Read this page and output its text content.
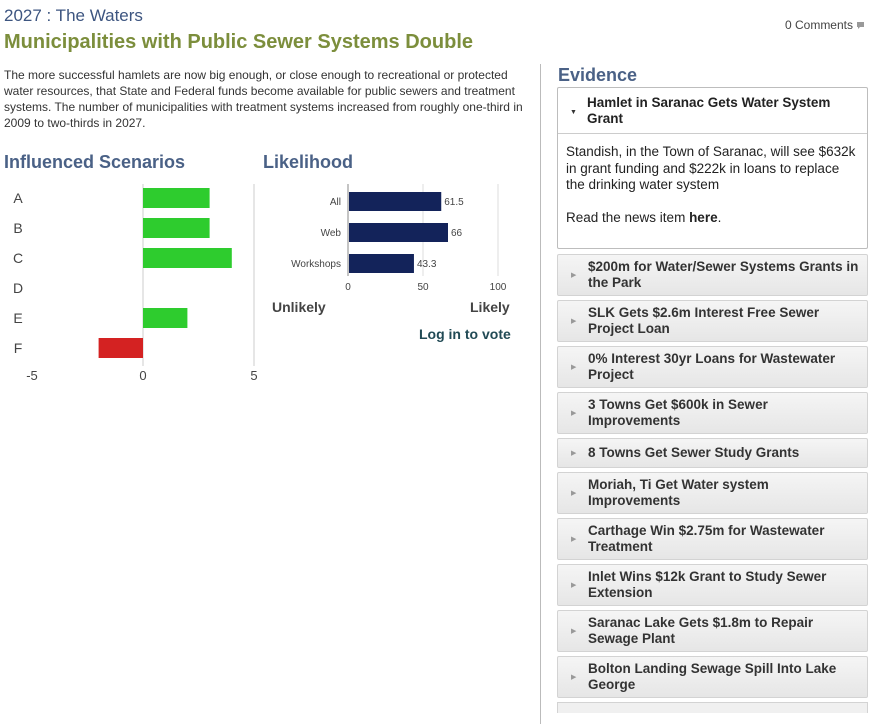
2027 : The Waters
Municipalities with Public Sewer Systems Double
0 Comments
The more successful hamlets are now big enough, or close enough to recreational or protected water resources, that State and Federal funds become available for public sewers and treatment systems. The number of municipalities with treatment systems increased from roughly one-third in 2009 to two-thirds in 2027.
Influenced Scenarios	Likelihood
A
B
C
D
E
F
-5	0	5
All	61.5
Web	66
Workshops	43.3
0	50	100
Unlikely	Likely
Log in to vote
Evidence
▼
Hamlet in Saranac Gets Water System Grant

Standish, in the Town of Saranac, will see $632k in grant funding and $222k in loans to replace the drinking water system

Read the news item here.

▶
$200m for Water/Sewer Systems Grants in the Park
▶
SLK Gets $2.6m Interest Free Sewer Project Loan
▶
0% Interest 30yr Loans for Wastewater Project
▶
3 Towns Get $600k in Sewer Improvements
▶ 8 Towns Get Sewer Study Grants
▶
Moriah, Ti Get Water system Improvements
▶
Carthage Win $2.75m for Wastewater Treatment
▶
Inlet Wins $12k Grant to Study Sewer Extension
▶
Saranac Lake Gets $1.8m to Repair Sewage Plant
▶
Bolton Landing Sewage Spill Into Lake George
